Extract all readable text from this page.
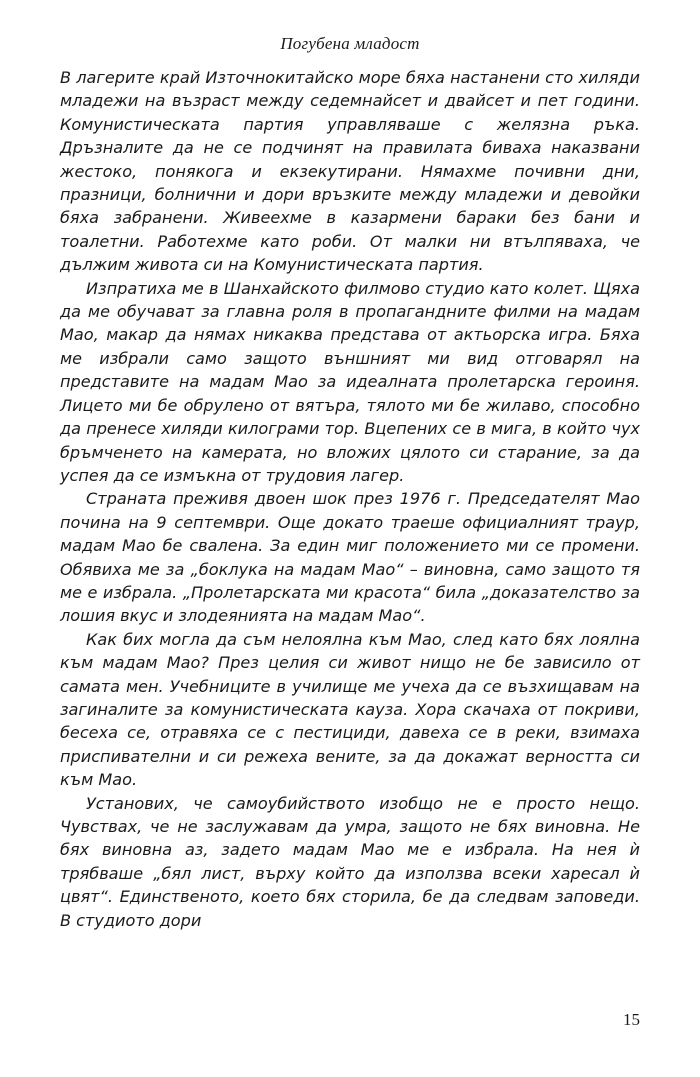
Погубена младост

В лагерите край Източнокитайско море бяха настанени сто хиляди младежи на възраст между седемнайсет и двайсет и пет години. Комунистическата партия управляваше с желязна ръка. Дръзналите да не се подчинят на правилата биваха наказвани жестоко, понякога и екзекутирани. Нямахме почивни дни, празници, болнични и дори връзките между младежи и девойки бяха забранени. Живеехме в казармени бараки без бани и тоалетни. Работехме като роби. От малки ни втълпяваха, че дължим живота си на Комунистическата партия.

Изпратиха ме в Шанхайското филмово студио като колет. Щяха да ме обучават за главна роля в пропагандните филми на мадам Мао, макар да нямах никаква представа от актьорска игра. Бяха ме избрали само защото външният ми вид отговарял на представите на мадам Мао за идеалната пролетарска героиня. Лицето ми бе обрулено от вятъра, тялото ми бе жилаво, способно да пренесе хиляди килограми тор. Вцепених се в мига, в който чух бръмченето на камерата, но вложих цялото си старание, за да успея да се измъкна от трудовия лагер.

Страната преживя двоен шок през 1976 г. Председателят Мао почина на 9 септември. Още докато траеше официалният траур, мадам Мао бе свалена. За един миг положението ми се промени. Обявиха ме за „боклука на мадам Мао“ – виновна, само защото тя ме е избрала. „Пролетарската ми красота“ била „доказателство за лошия вкус и злодеянията на мадам Мао“.

Как бих могла да съм нелоялна към Мао, след като бях лоялна към мадам Мао? През целия си живот нищо не бе зависило от самата мен. Учебниците в училище ме учеха да се възхищавам на загиналите за комунистическата кауза. Хора скачаха от покриви, бесеха се, отравяха се с пестициди, давеха се в реки, взимаха приспивателни и си режеха вените, за да докажат верността си към Мао.

Установих, че самоубийството изобщо не е просто нещо. Чувствах, че не заслужавам да умра, защото не бях виновна. Не бях виновна аз, задето мадам Мао ме е избрала. На нея ѝ трябваше „бял лист, върху който да използва всеки харесал ѝ цвят“. Единственото, което бях сторила, бе да следвам заповеди. В студиото дори

15
